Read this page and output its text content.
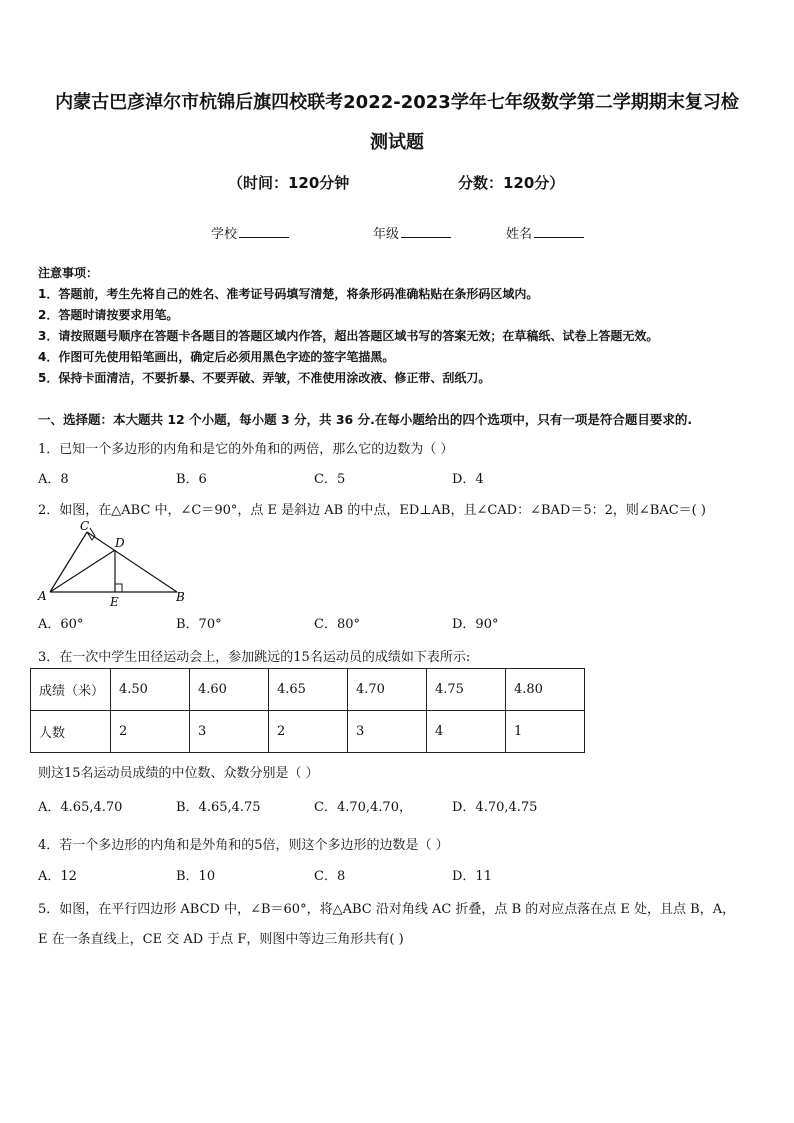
内蒙古巴彦淖尔市杭锦后旗四校联考2022-2023学年七年级数学第二学期期末复习检
测试题
（时间：120分钟	分数：120分）
学校	年级	姓名
注意事项：
1．答题前，考生先将自己的姓名、准考证号码填写清楚，将条形码准确粘贴在条形码区域内。
2．答题时请按要求用笔。
3．请按照题号顺序在答题卡各题目的答题区域内作答，超出答题区域书写的答案无效；在草稿纸、试卷上答题无效。
4．作图可先使用铅笔画出，确定后必须用黑色字迹的签字笔描黑。
5．保持卡面清洁，不要折暴、不要弄破、弄皱，不准使用涂改液、修正带、刮纸刀。
一、选择题：本大题共 12 个小题，每小题 3 分，共 36 分.在每小题给出的四个选项中，只有一项是符合题目要求的.
1．已知一个多边形的内角和是它的外角和的两倍，那么它的边数为（ ）
A．8	B．6	C．5	D．4
2．如图，在△ABC 中，∠C＝90°，点 E 是斜边 AB 的中点，ED⊥AB，且∠CAD：∠BAD＝5：2，则∠BAC＝( )
C
D
A	E	B
A．60°	B．70°	C．80°	D．90°
3．在一次中学生田径运动会上，参加跳远的15名运动员的成绩如下表所示:
成绩（米）	4.50	4.60	4.65	4.70	4.75	4.80
人数	2	3	2	3	4	1
则这15名运动员成绩的中位数、众数分别是（ ）
A．4.65,4.70	B．4.65,4.75	C．4.70,4.70，	D．4.70,4.75
4．若一个多边形的内角和是外角和的5倍，则这个多边形的边数是（ ）
A．12	B．10	C．8	D．11
5．如图，在平行四边形 ABCD 中，∠B＝60°，将△ABC 沿对角线 AC 折叠，点 B 的对应点落在点 E 处，且点 B，A，
E 在一条直线上，CE 交 AD 于点 F，则图中等边三角形共有( )
